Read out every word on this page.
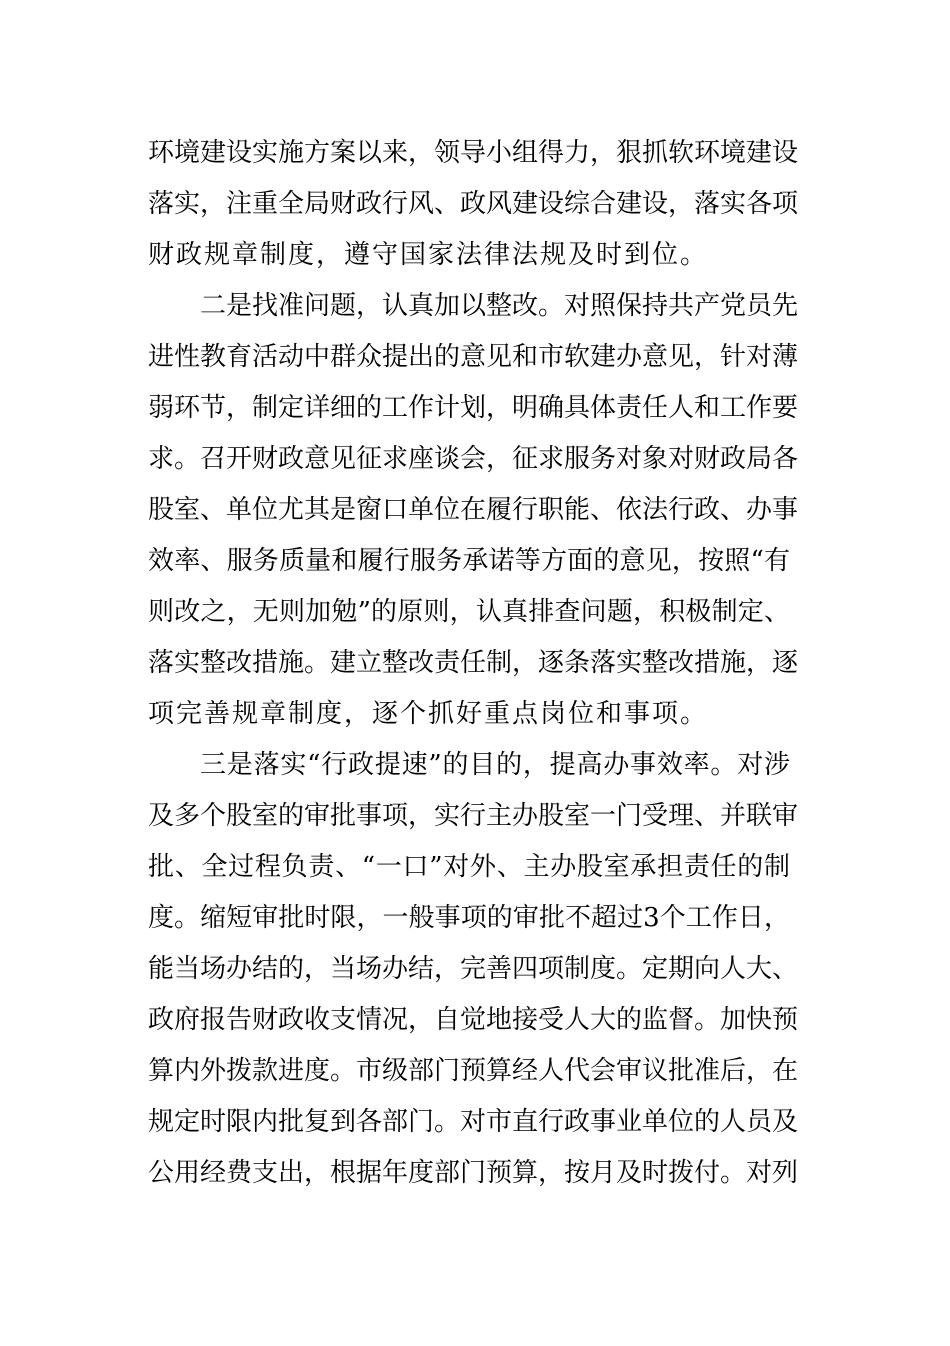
环境建设实施方案以来，领导小组得力，狠抓软环境建设
落实，注重全局财政行风、政风建设综合建设，落实各项
财政规章制度，遵守国家法律法规及时到位。
二是找准问题，认真加以整改。对照保持共产党员先
进性教育活动中群众提出的意见和市软建办意见，针对薄
弱环节，制定详细的工作计划，明确具体责任人和工作要
求。召开财政意见征求座谈会，征求服务对象对财政局各
股室、单位尤其是窗口单位在履行职能、依法行政、办事
效率、服务质量和履行服务承诺等方面的意见，按照“有
则改之，无则加勉”的原则，认真排查问题，积极制定、
落实整改措施。建立整改责任制，逐条落实整改措施，逐
项完善规章制度，逐个抓好重点岗位和事项。
三是落实“行政提速”的目的，提高办事效率。对涉
及多个股室的审批事项，实行主办股室一门受理、并联审
批、全过程负责、“一口”对外、主办股室承担责任的制
度。缩短审批时限，一般事项的审批不超过3个工作日，
能当场办结的，当场办结，完善四项制度。定期向人大、
政府报告财政收支情况，自觉地接受人大的监督。加快预
算内外拨款进度。市级部门预算经人代会审议批准后，在
规定时限内批复到各部门。对市直行政事业单位的人员及
公用经费支出，根据年度部门预算，按月及时拨付。对列
